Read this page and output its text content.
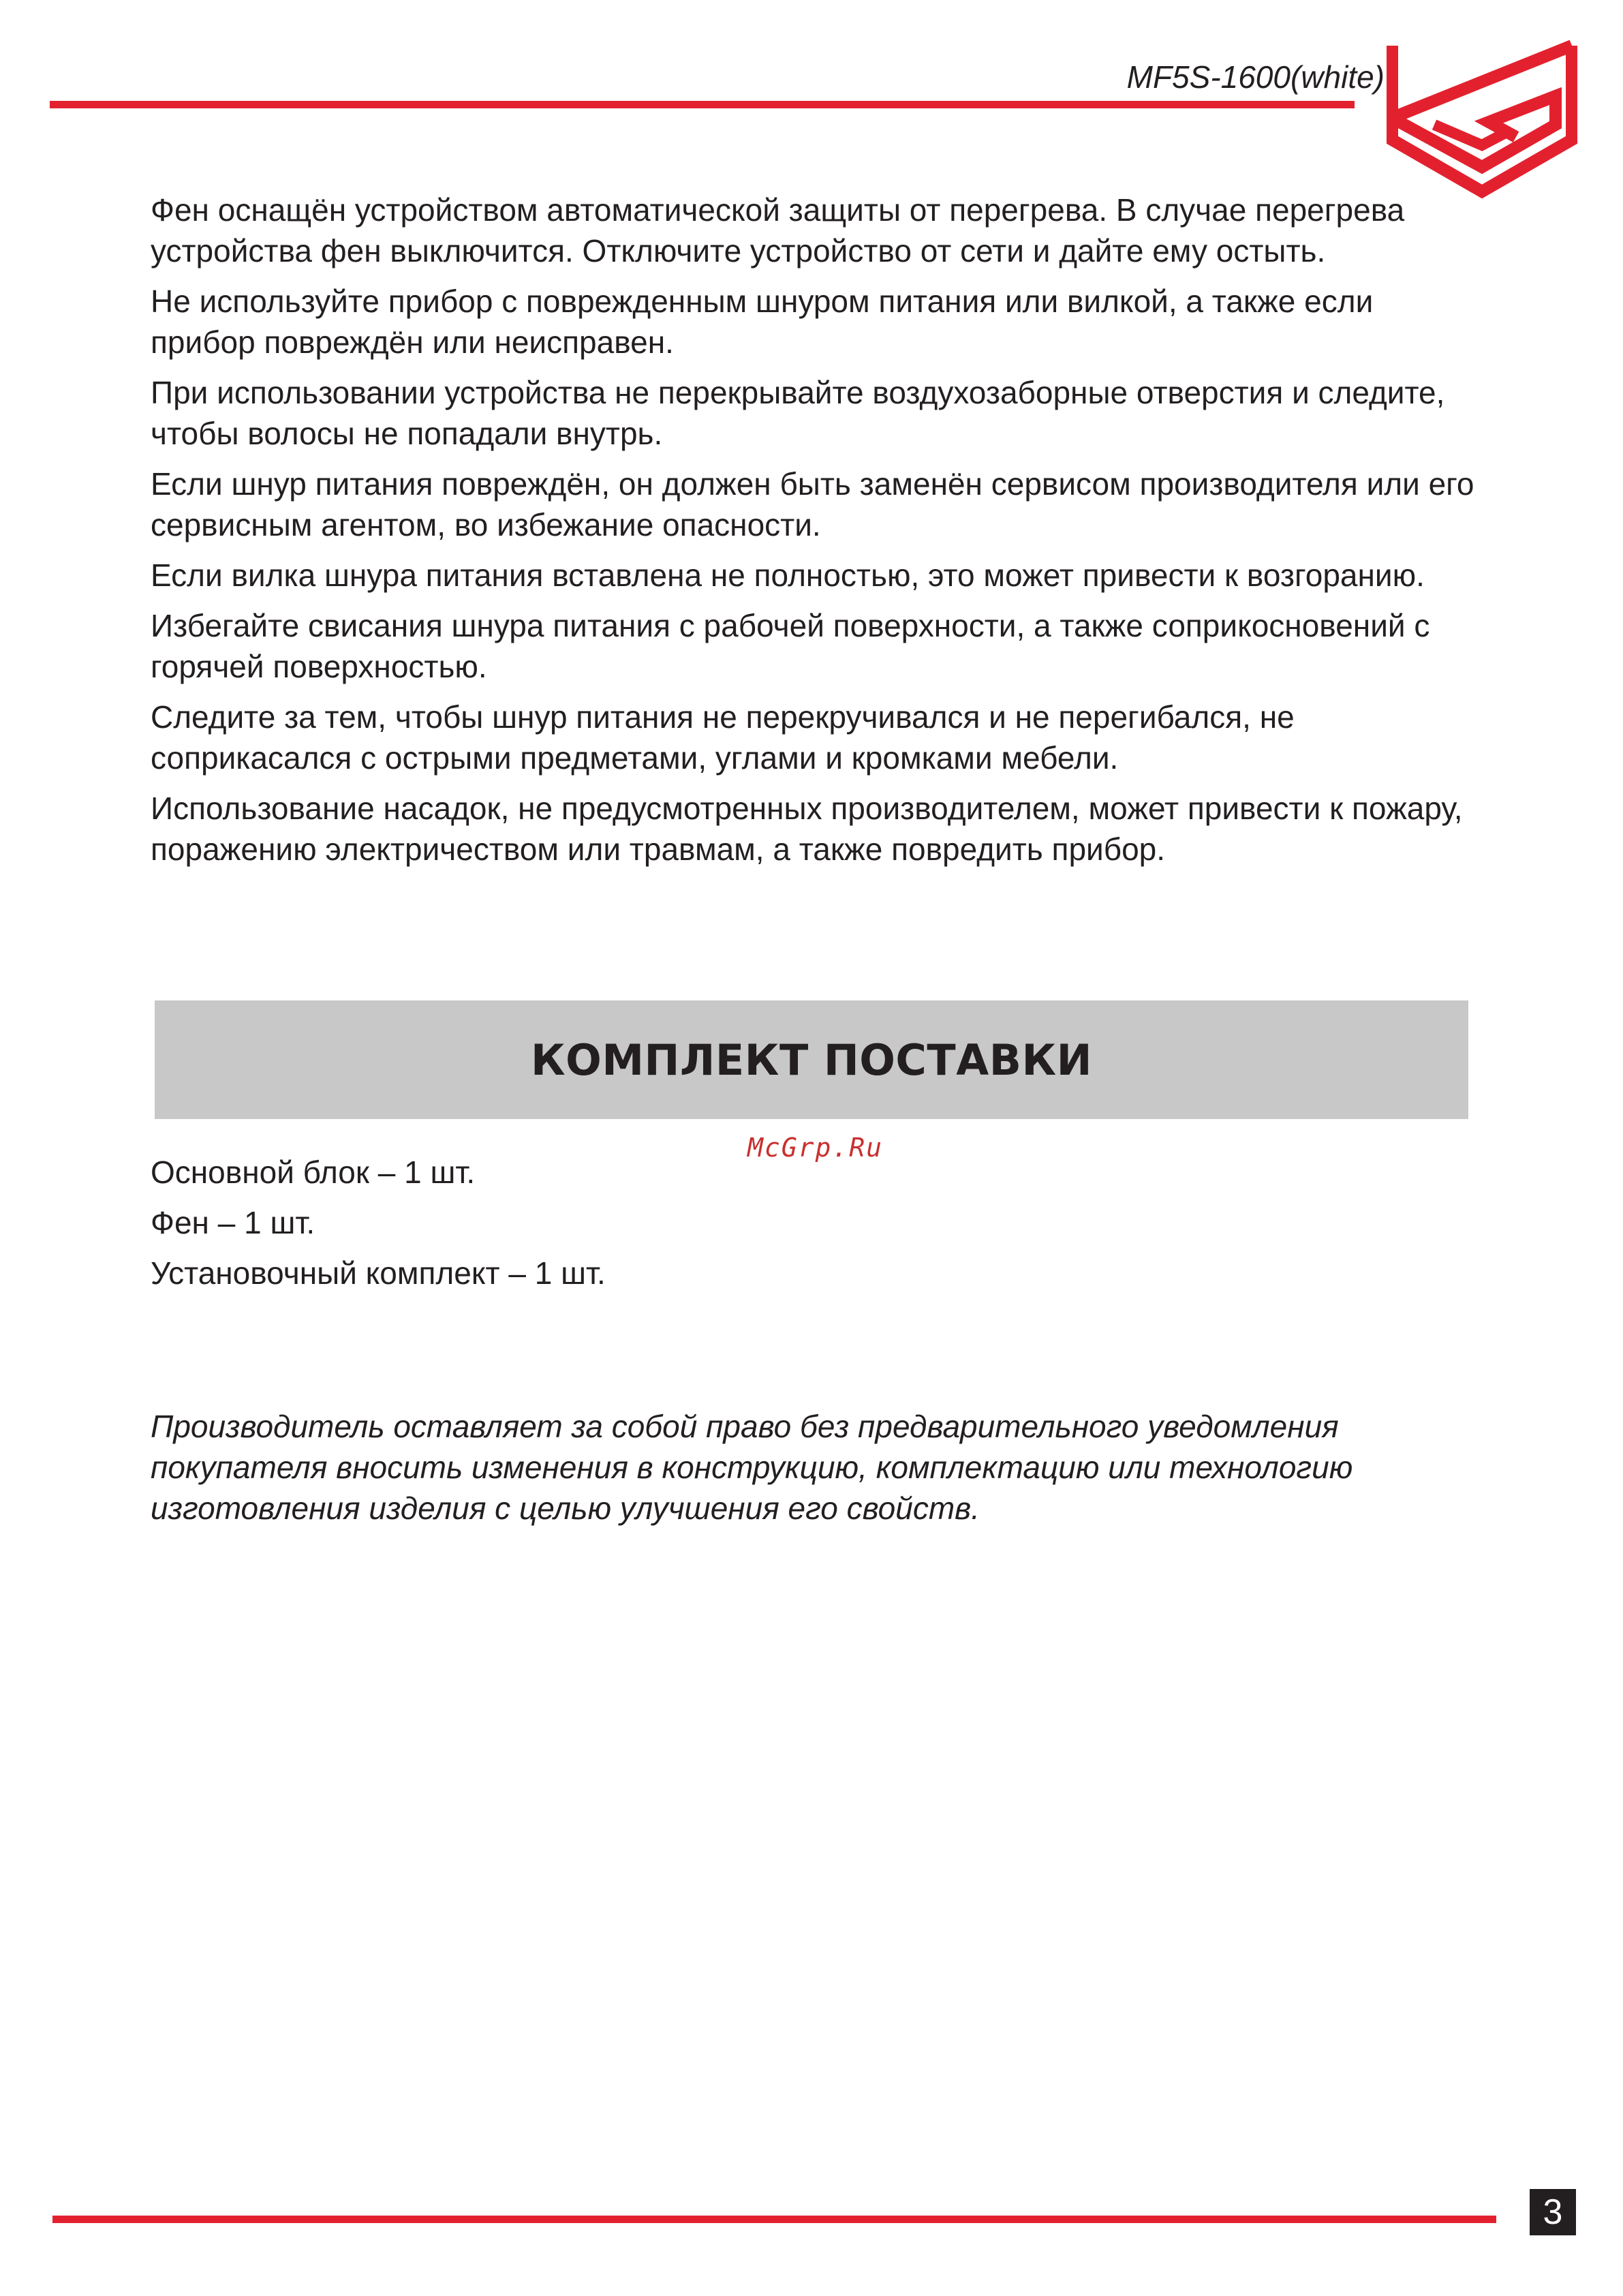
MF5S-1600(white)

Фен оснащён устройством автоматической защиты от перегрева. В случае перегрева устройства фен выключится. Отключите устройство от сети и дайте ему остыть.

Не используйте прибор с поврежденным шнуром питания или вилкой, а также если прибор повреждён или неисправен.

При использовании устройства не перекрывайте воздухозаборные отверстия и следите, чтобы волосы не попадали внутрь.

Если шнур питания повреждён, он должен быть заменён сервисом производителя или его сервисным агентом, во избежание опасности.

Если вилка шнура питания вставлена не полностью, это может привести к возгоранию.

Избегайте свисания шнура питания с рабочей поверхности, а также соприкосновений с горячей поверхностью.

Следите за тем, чтобы шнур питания не перекручивался и не перегибался, не соприкасался с острыми предметами, углами и кромками мебели.

Использование насадок, не предусмотренных производителем, может привести к пожару, поражению электричеством или травмам, а также повредить прибор.

КОМПЛЕКТ ПОСТАВКИ
McGrp.Ru

Основной блок – 1 шт.

Фен – 1 шт.

Установочный комплект – 1 шт.

Производитель оставляет за собой право без предварительного уведомления покупателя вносить изменения в конструкцию, комплектацию или технологию изготовления изделия с целью улучшения его свойств.
3
